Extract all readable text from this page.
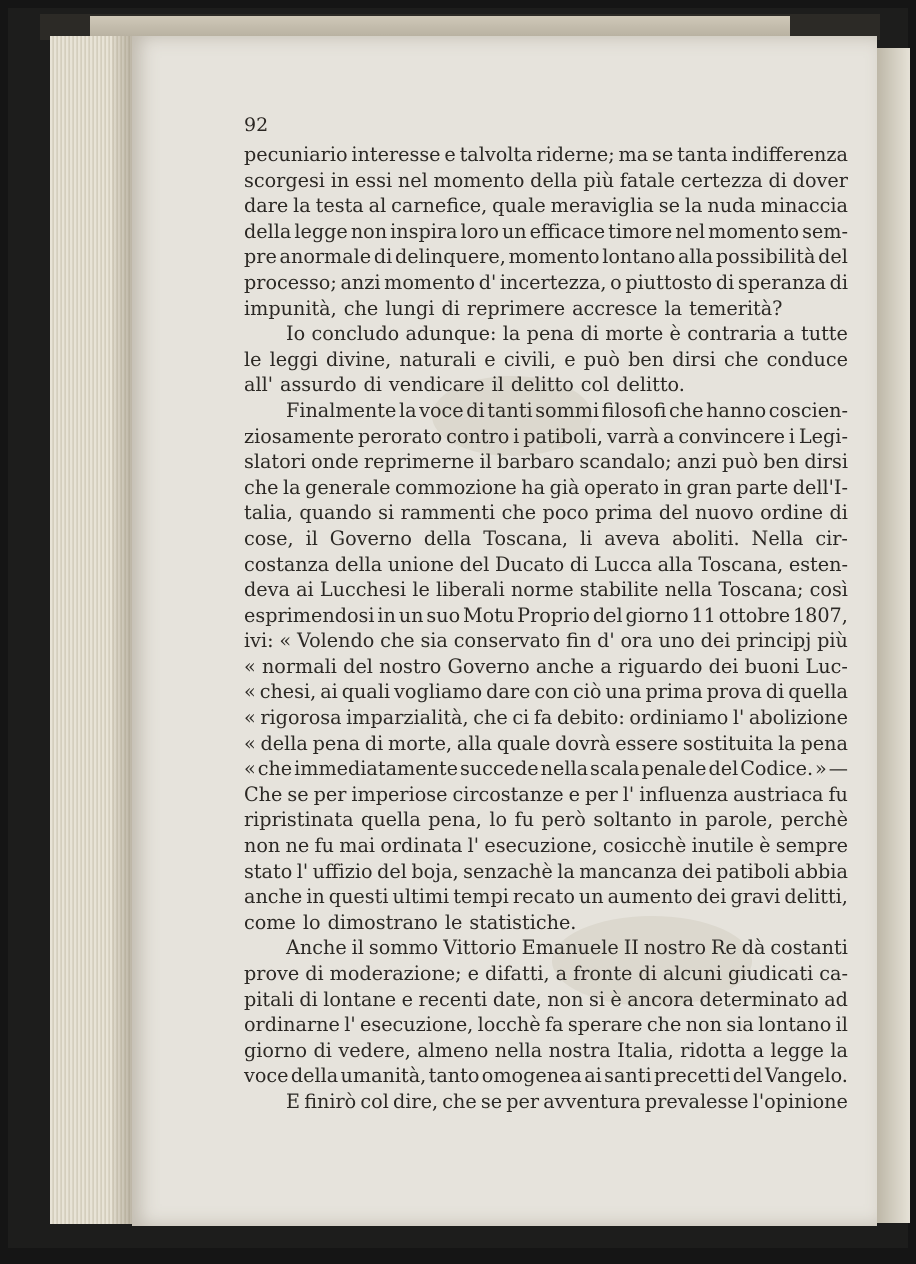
92
pecuniario interesse e talvolta riderne; ma se tanta indifferenza
scorgesi in essi nel momento della più fatale certezza di dover
dare la testa al carnefice, quale meraviglia se la nuda minaccia
della legge non inspira loro un efficace timore nel momento sem-
pre anormale di delinquere, momento lontano alla possibilità del
processo; anzi momento d' incertezza, o piuttosto di speranza di
impunità, che lungi di reprimere accresce la temerità?
Io concludo adunque: la pena di morte è contraria a tutte
le leggi divine, naturali e civili, e può ben dirsi che conduce
all' assurdo di vendicare il delitto col delitto.
Finalmente la voce di tanti sommi filosofi che hanno coscien-
ziosamente perorato contro i patiboli, varrà a convincere i Legi-
slatori onde reprimerne il barbaro scandalo; anzi può ben dirsi
che la generale commozione ha già operato in gran parte dell'I-
talia, quando si rammenti che poco prima del nuovo ordine di
cose, il Governo della Toscana, li aveva aboliti. Nella cir-
costanza della unione del Ducato di Lucca alla Toscana, esten-
deva ai Lucchesi le liberali norme stabilite nella Toscana; così
esprimendosi in un suo Motu Proprio del giorno 11 ottobre 1807,
ivi: « Volendo che sia conservato fin d' ora uno dei principj più
« normali del nostro Governo anche a riguardo dei buoni Luc-
« chesi, ai quali vogliamo dare con ciò una prima prova di quella
« rigorosa imparzialità, che ci fa debito: ordiniamo l' abolizione
« della pena di morte, alla quale dovrà essere sostituita la pena
« che immediatamente succede nella scala penale del Codice. » —
Che se per imperiose circostanze e per l' influenza austriaca fu
ripristinata quella pena, lo fu però soltanto in parole, perchè
non ne fu mai ordinata l' esecuzione, cosicchè inutile è sempre
stato l' uffizio del boja, senzachè la mancanza dei patiboli abbia
anche in questi ultimi tempi recato un aumento dei gravi delitti,
come lo dimostrano le statistiche.
Anche il sommo Vittorio Emanuele II nostro Re dà costanti
prove di moderazione; e difatti, a fronte di alcuni giudicati ca-
pitali di lontane e recenti date, non si è ancora determinato ad
ordinarne l' esecuzione, locchè fa sperare che non sia lontano il
giorno di vedere, almeno nella nostra Italia, ridotta a legge la
voce della umanità, tanto omogenea ai santi precetti del Vangelo.
E finirò col dire, che se per avventura prevalesse l'opinione
